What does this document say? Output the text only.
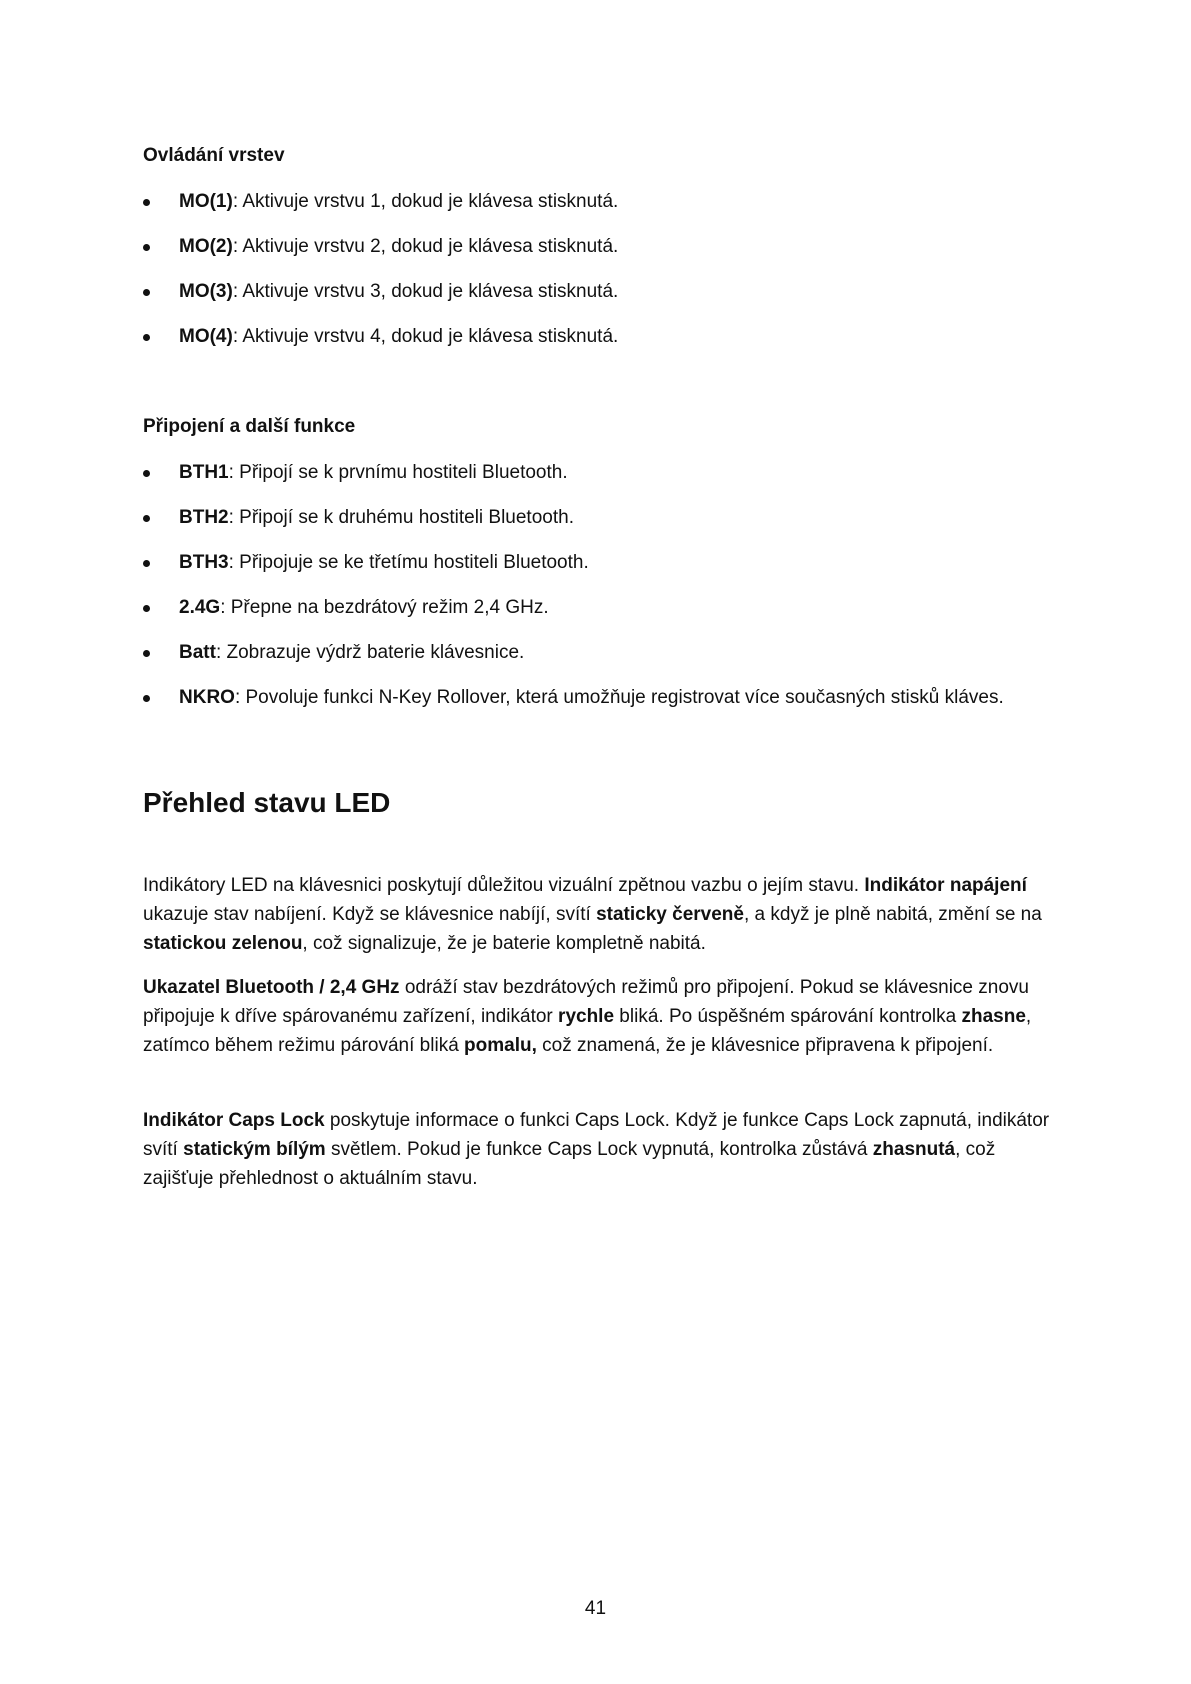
Ovládání vrstev
MO(1): Aktivuje vrstvu 1, dokud je klávesa stisknutá.
MO(2): Aktivuje vrstvu 2, dokud je klávesa stisknutá.
MO(3): Aktivuje vrstvu 3, dokud je klávesa stisknutá.
MO(4): Aktivuje vrstvu 4, dokud je klávesa stisknutá.
Připojení a další funkce
BTH1: Připojí se k prvnímu hostiteli Bluetooth.
BTH2: Připojí se k druhému hostiteli Bluetooth.
BTH3: Připojuje se ke třetímu hostiteli Bluetooth.
2.4G: Přepne na bezdrátový režim 2,4 GHz.
Batt: Zobrazuje výdrž baterie klávesnice.
NKRO: Povoluje funkci N-Key Rollover, která umožňuje registrovat více současných stisků kláves.
Přehled stavu LED

Indikátory LED na klávesnici poskytují důležitou vizuální zpětnou vazbu o jejím stavu. Indikátor napájení ukazuje stav nabíjení. Když se klávesnice nabíjí, svítí staticky červeně, a když je plně nabitá, změní se na statickou zelenou, což signalizuje, že je baterie kompletně nabitá.

Ukazatel Bluetooth / 2,4 GHz odráží stav bezdrátových režimů pro připojení. Pokud se klávesnice znovu připojuje k dříve spárovanému zařízení, indikátor rychle bliká. Po úspěšném spárování kontrolka zhasne, zatímco během režimu párování bliká pomalu, což znamená, že je klávesnice připravena k připojení.

Indikátor Caps Lock poskytuje informace o funkci Caps Lock. Když je funkce Caps Lock zapnutá, indikátor svítí statickým bílým světlem. Pokud je funkce Caps Lock vypnutá, kontrolka zůstává zhasnutá, což zajišťuje přehlednost o aktuálním stavu.

41
